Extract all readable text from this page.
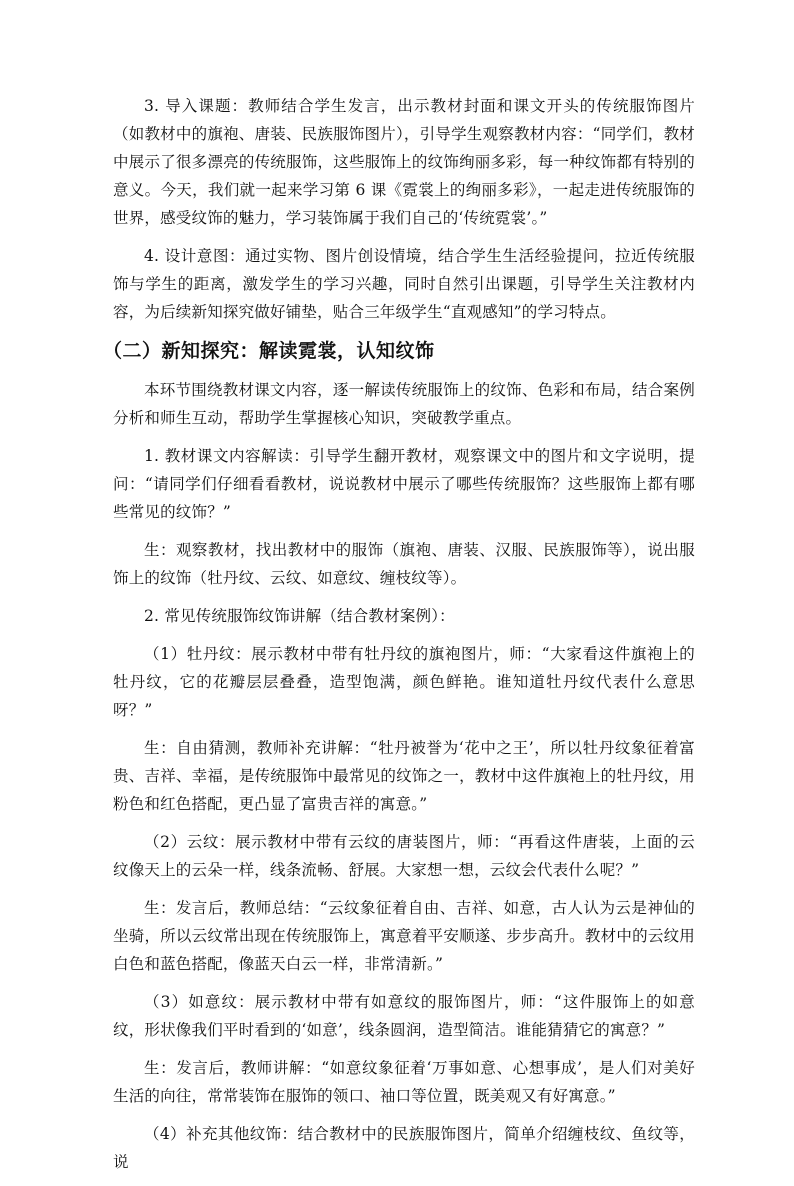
3. 导入课题：教师结合学生发言，出示教材封面和课文开头的传统服饰图片（如教材中的旗袍、唐装、民族服饰图片），引导学生观察教材内容：“同学们，教材中展示了很多漂亮的传统服饰，这些服饰上的纹饰绚丽多彩，每一种纹饰都有特别的意义。今天，我们就一起来学习第 6 课《霓裳上的绚丽多彩》，一起走进传统服饰的世界，感受纹饰的魅力，学习装饰属于我们自己的‘传统霓裳’。”

4. 设计意图：通过实物、图片创设情境，结合学生生活经验提问，拉近传统服饰与学生的距离，激发学生的学习兴趣，同时自然引出课题，引导学生关注教材内容，为后续新知探究做好铺垫，贴合三年级学生“直观感知”的学习特点。

（二）新知探究：解读霓裳，认知纹饰

本环节围绕教材课文内容，逐一解读传统服饰上的纹饰、色彩和布局，结合案例分析和师生互动，帮助学生掌握核心知识，突破教学重点。

1. 教材课文内容解读：引导学生翻开教材，观察课文中的图片和文字说明，提问：“请同学们仔细看看教材，说说教材中展示了哪些传统服饰？这些服饰上都有哪些常见的纹饰？”

生：观察教材，找出教材中的服饰（旗袍、唐装、汉服、民族服饰等），说出服饰上的纹饰（牡丹纹、云纹、如意纹、缠枝纹等）。

2. 常见传统服饰纹饰讲解（结合教材案例）：

（1）牡丹纹：展示教材中带有牡丹纹的旗袍图片，师：“大家看这件旗袍上的牡丹纹，它的花瓣层层叠叠，造型饱满，颜色鲜艳。谁知道牡丹纹代表什么意思呀？”

生：自由猜测，教师补充讲解：“牡丹被誉为‘花中之王’，所以牡丹纹象征着富贵、吉祥、幸福，是传统服饰中最常见的纹饰之一，教材中这件旗袍上的牡丹纹，用粉色和红色搭配，更凸显了富贵吉祥的寓意。”

（2）云纹：展示教材中带有云纹的唐装图片，师：“再看这件唐装，上面的云纹像天上的云朵一样，线条流畅、舒展。大家想一想，云纹会代表什么呢？”

生：发言后，教师总结：“云纹象征着自由、吉祥、如意，古人认为云是神仙的坐骑，所以云纹常出现在传统服饰上，寓意着平安顺遂、步步高升。教材中的云纹用白色和蓝色搭配，像蓝天白云一样，非常清新。”

（3）如意纹：展示教材中带有如意纹的服饰图片，师：“这件服饰上的如意纹，形状像我们平时看到的‘如意’，线条圆润，造型简洁。谁能猜猜它的寓意？”

生：发言后，教师讲解：“如意纹象征着‘万事如意、心想事成’，是人们对美好生活的向往，常常装饰在服饰的领口、袖口等位置，既美观又有好寓意。”

（4）补充其他纹饰：结合教材中的民族服饰图片，简单介绍缠枝纹、鱼纹等，说
